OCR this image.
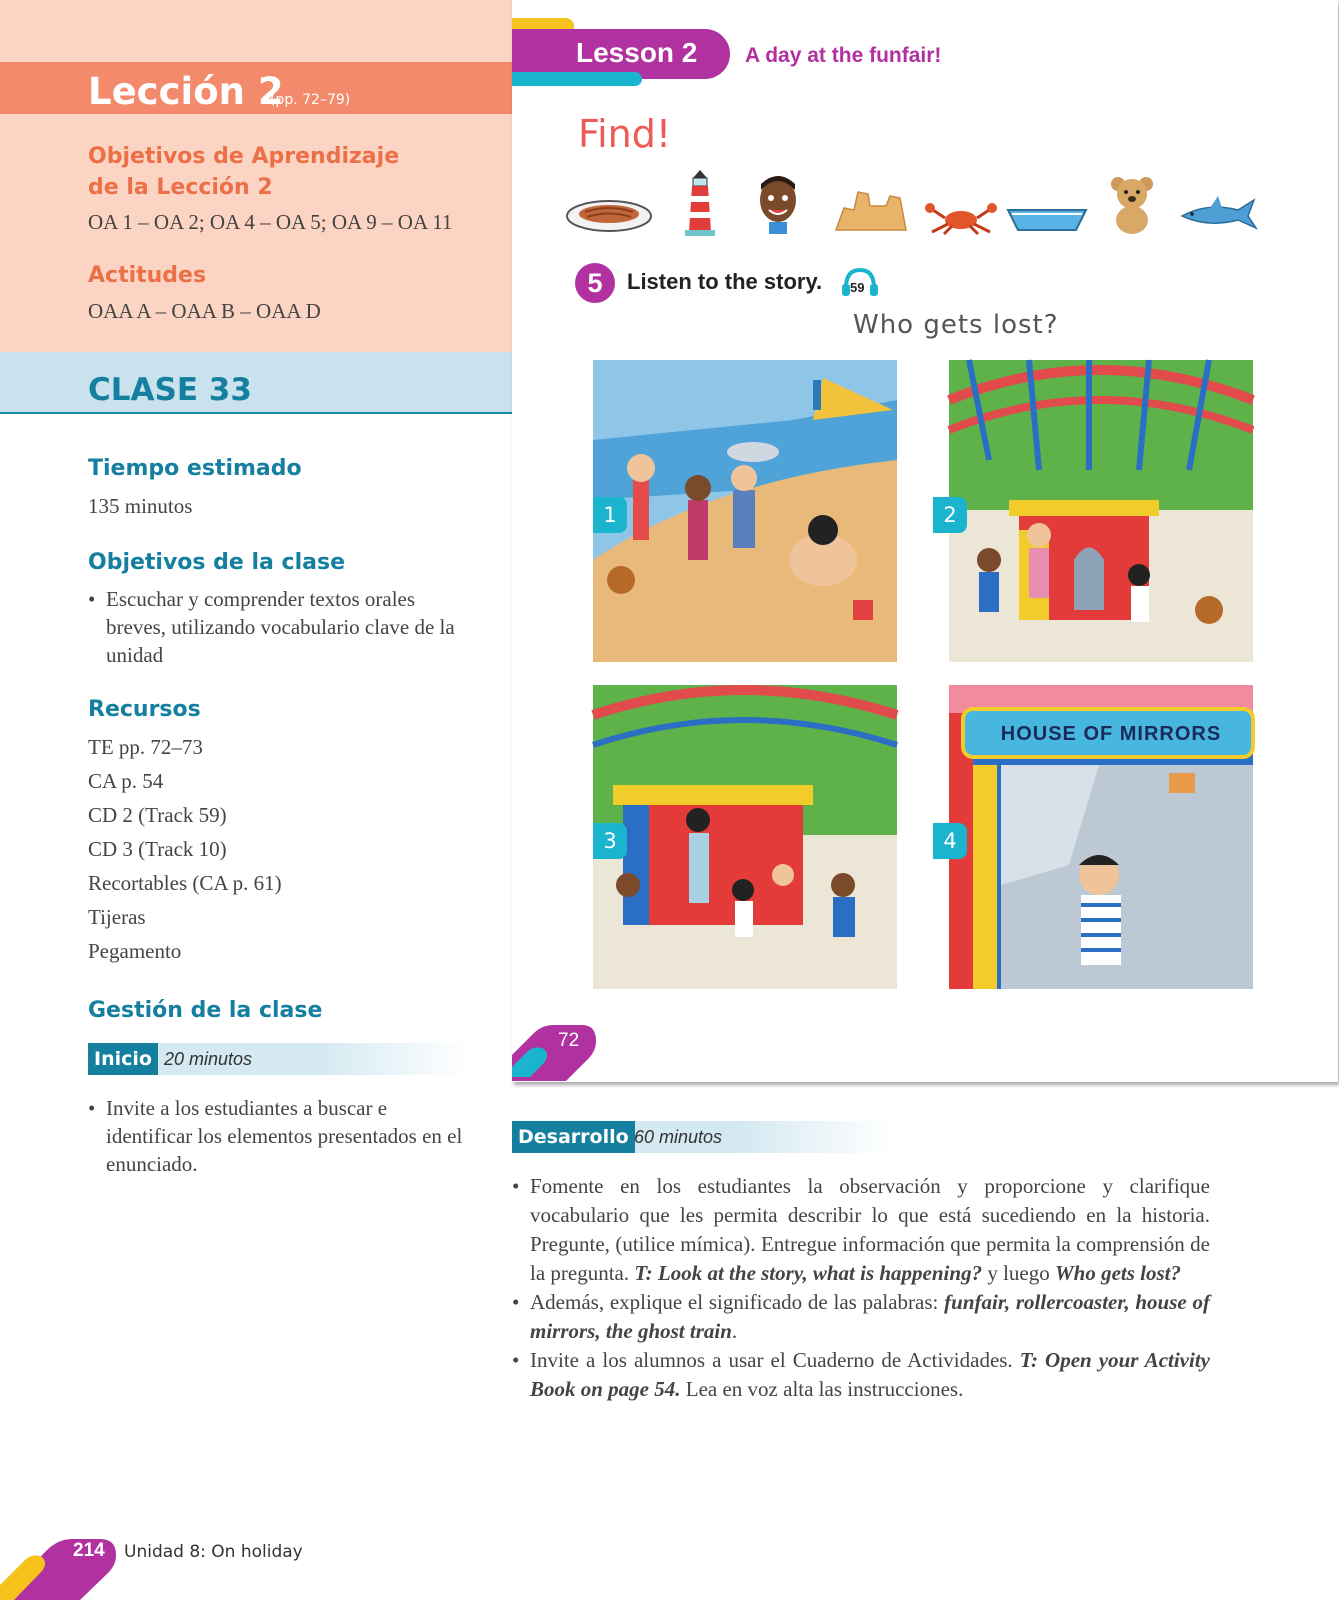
Lección 2
(pp. 72–79)
Objetivos de Aprendizaje
de la Lección 2
OA 1 – OA 2; OA 4 – OA 5; OA 9 – OA 11
Actitudes
OAA A – OAA B – OAA D
CLASE 33
Tiempo estimado
135 minutos
Objetivos de la clase
• Escuchar y comprender textos orales breves, utilizando vocabulario clave de la unidad
Recursos
TE pp. 72–73
CA p. 54
CD 2 (Track 59)
CD 3 (Track 10)
Recortables (CA p. 61)
Tijeras
Pegamento
Gestión de la clase
Inicio 20 minutos
• Invite a los estudiantes a buscar e identificar los elementos presentados en el enunciado.
Lesson 2 A day at the funfair!
Find!
5	Listen to the story. 59
Who gets lost?
1	2
3
HOUSE OF MIRRORS
4
72
Desarrollo 60 minutos
• Fomente en los estudiantes la observación y proporcione y clarifique vocabulario que les permita describir lo que está sucediendo en la historia. Pregunte, (utilice mímica). Entregue información que permita la comprensión de la pregunta. T: Look at the story, what is happening? y luego Who gets lost?
• Además, explique el significado de las palabras: funfair, rollercoaster, house of mirrors, the ghost train.
• Invite a los alumnos a usar el Cuaderno de Actividades. T: Open your Activity Book on page 54. Lea en voz alta las instrucciones.
214 Unidad 8: On holiday
